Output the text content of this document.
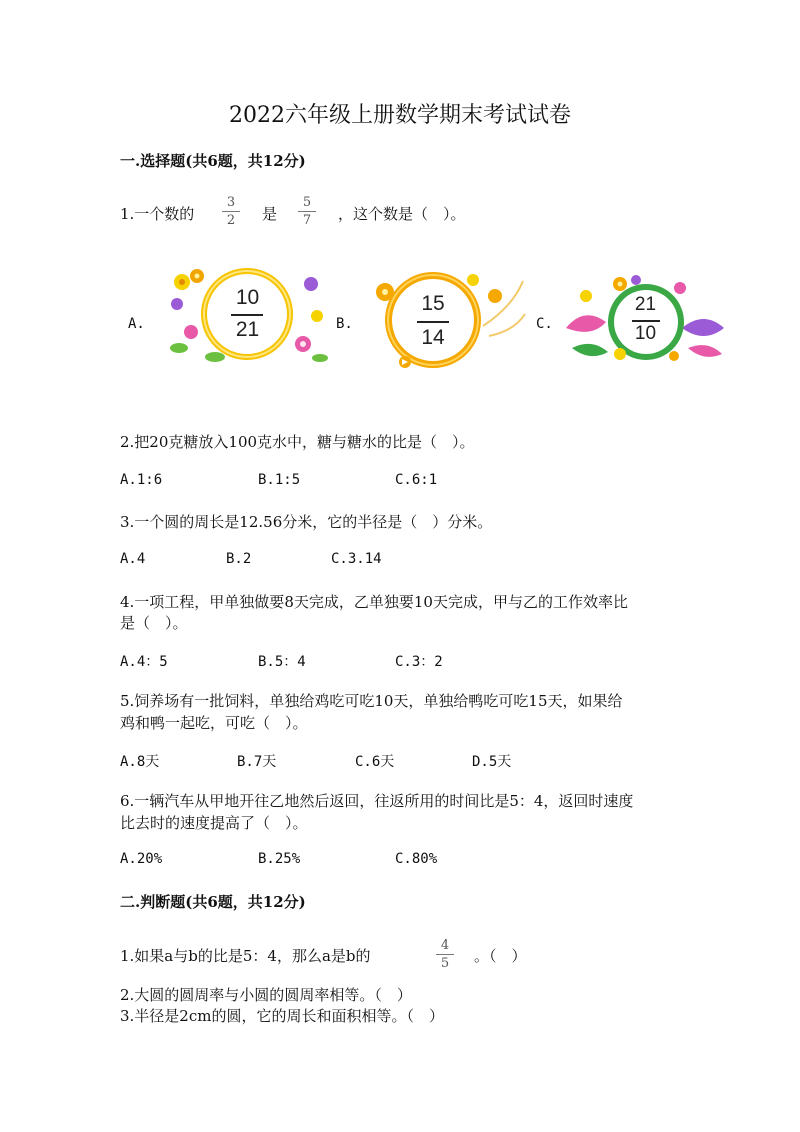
2022六年级上册数学期末考试试卷
一.选择题(共6题，共12分)
1.一个数的
3
2	是
5
7	，这个数是（　）。
A.
10
21	B.
15
14
C.
21
10
2.把20克糖放入100克水中，糖与糖水的比是（　）。
A.1:6	B.1:5	C.6:1
3.一个圆的周长是12.56分米，它的半径是（　）分米。
A.4	B.2	C.3.14
4.一项工程，甲单独做要8天完成，乙单独要10天完成，甲与乙的工作效率比
是（　）。
A.4：5	B.5：4	C.3：2
5.饲养场有一批饲料，单独给鸡吃可吃10天，单独给鸭吃可吃15天，如果给
鸡和鸭一起吃，可吃（　）。
A.8天	B.7天	C.6天	D.5天
6.一辆汽车从甲地开往乙地然后返回，往返所用的时间比是5：4，返回时速度
比去时的速度提高了（　）。
A.20%	B.25%	C.80%
二.判断题(共6题，共12分)
1.如果a与b的比是5：4，那么a是b的
4
5	。（　）
2.大圆的圆周率与小圆的圆周率相等。（　）
3.半径是2cm的圆，它的周长和面积相等。（　）
